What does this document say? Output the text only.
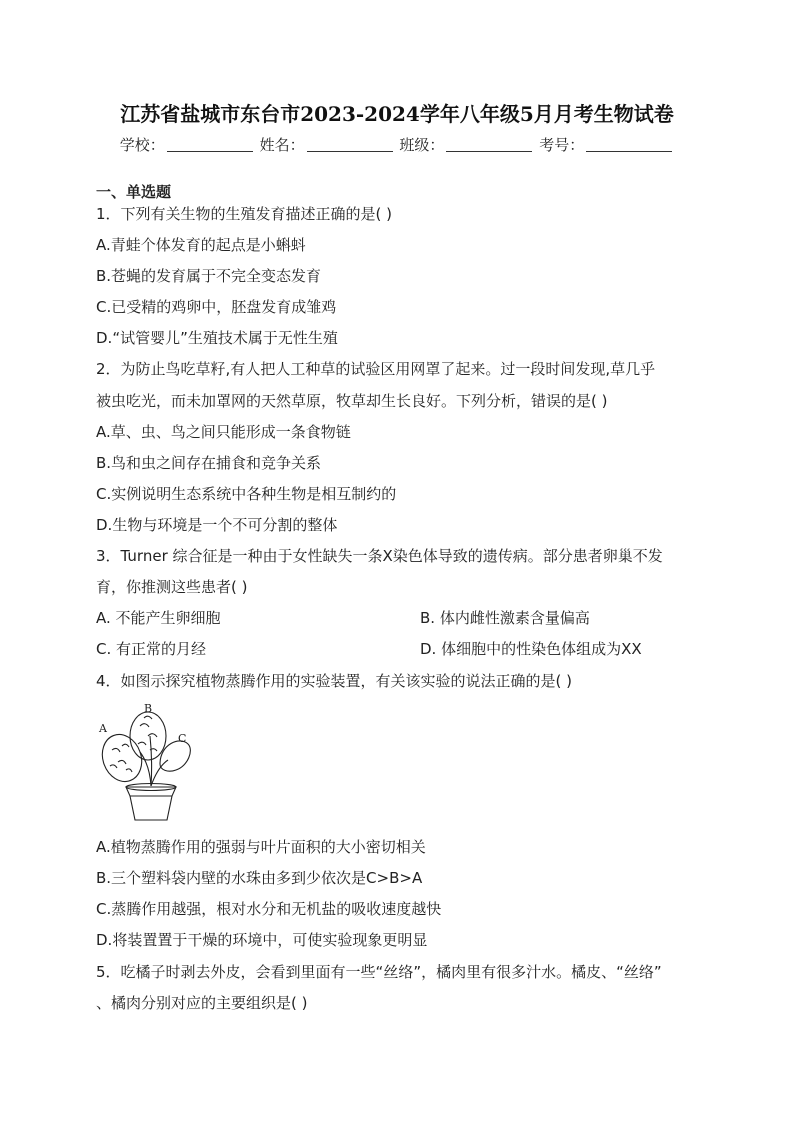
江苏省盐城市东台市2023-2024学年八年级5月月考生物试卷
学校：	姓名：	班级：	考号：
一、单选题
1．下列有关生物的生殖发育描述正确的是( )
A.青蛙个体发育的起点是小蝌蚪
B.苍蝇的发育属于不完全变态发育
C.已受精的鸡卵中，胚盘发育成雏鸡
D.“试管婴儿”生殖技术属于无性生殖
2．为防止鸟吃草籽,有人把人工种草的试验区用网罩了起来。过一段时间发现,草几乎
被虫吃光，而未加罩网的天然草原，牧草却生长良好。下列分析，错误的是( )
A.草、虫、鸟之间只能形成一条食物链
B.鸟和虫之间存在捕食和竞争关系
C.实例说明生态系统中各种生物是相互制约的
D.生物与环境是一个不可分割的整体
3．Turner 综合征是一种由于女性缺失一条X染色体导致的遗传病。部分患者卵巢不发
育，你推测这些患者( )
A. 不能产生卵细胞	B. 体内雌性激素含量偏高
C. 有正常的月经	D. 体细胞中的性染色体组成为XX
4．如图示探究植物蒸腾作用的实验装置，有关该实验的说法正确的是( )
A
B
C
A.植物蒸腾作用的强弱与叶片面积的大小密切相关
B.三个塑料袋内壁的水珠由多到少依次是C>B>A
C.蒸腾作用越强，根对水分和无机盐的吸收速度越快
D.将装置置于干燥的环境中，可使实验现象更明显
5．吃橘子时剥去外皮，会看到里面有一些“丝络”，橘肉里有很多汁水。橘皮、“丝络”
、橘肉分别对应的主要组织是( )
